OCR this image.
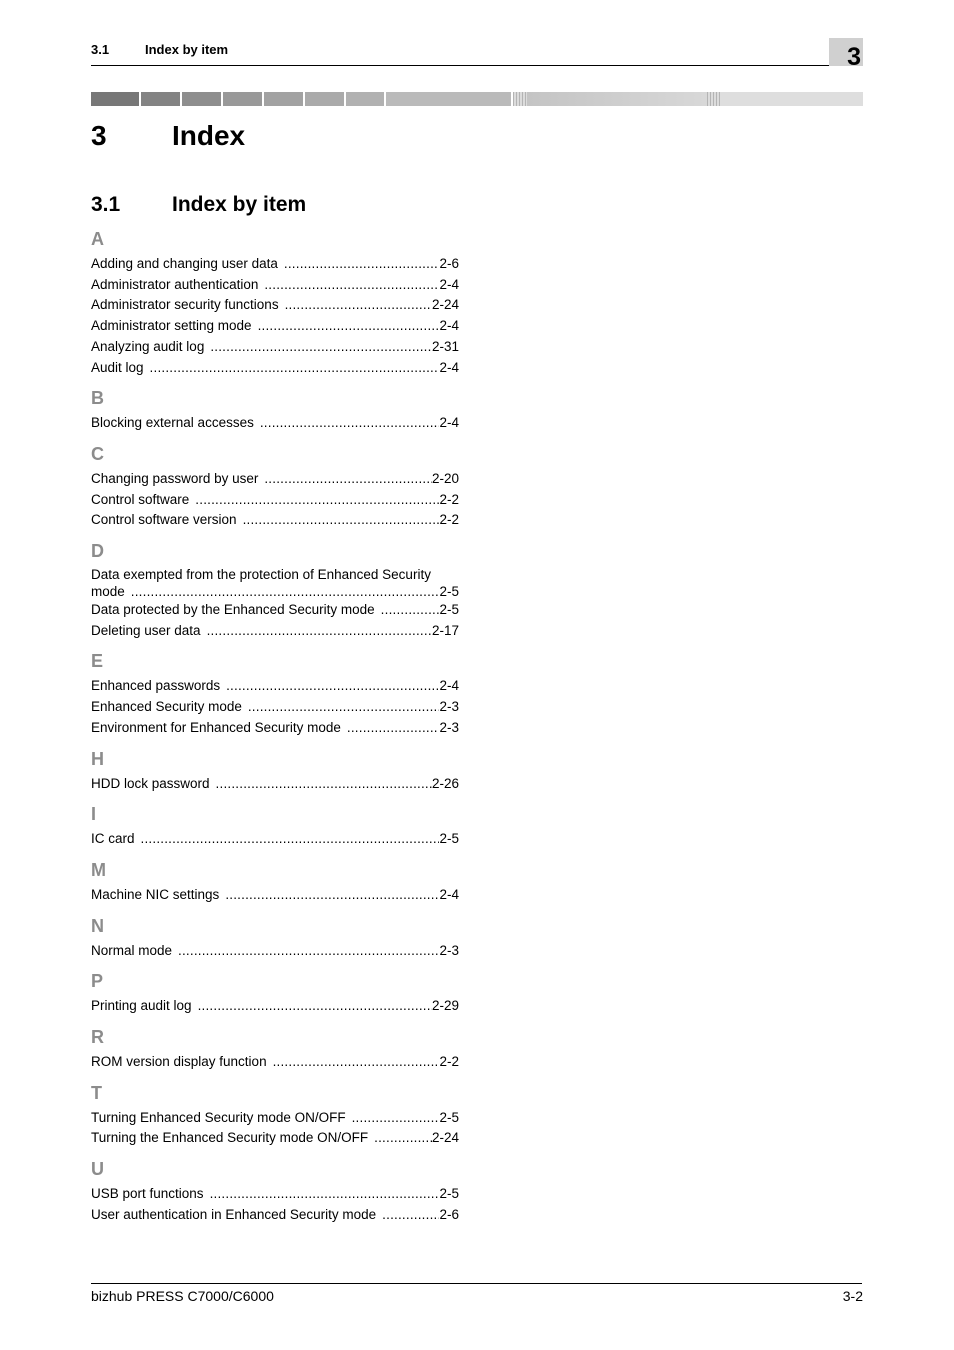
3.1	Index by item	3
3 Index
3.1 Index by item
A
Adding and changing user data .....	2-6
Administrator authentication .....	2-4
Administrator security functions .....	2-24
Administrator setting mode .....	2-4
Analyzing audit log .....	2-31
Audit log .....	2-4
B
Blocking external accesses .....	2-4
C
Changing password by user .....	2-20
Control software .....	2-2
Control software version .....	2-2
D
Data exempted from the protection of Enhanced Security
mode .....	2-5
Data protected by the Enhanced Security mode .....	2-5
Deleting user data .....	2-17
E
Enhanced passwords .....	2-4
Enhanced Security mode .....	2-3
Environment for Enhanced Security mode .....	2-3
H
HDD lock password .....	2-26
I
IC card .....	2-5
M
Machine NIC settings .....	2-4
N
Normal mode .....	2-3
P
Printing audit log .....	2-29
R
ROM version display function .....	2-2
T
Turning Enhanced Security mode ON/OFF .....	2-5
Turning the Enhanced Security mode ON/OFF .....	2-24
U
USB port functions .....	2-5
User authentication in Enhanced Security mode .....	2-6
bizhub PRESS C7000/C6000	3-2
